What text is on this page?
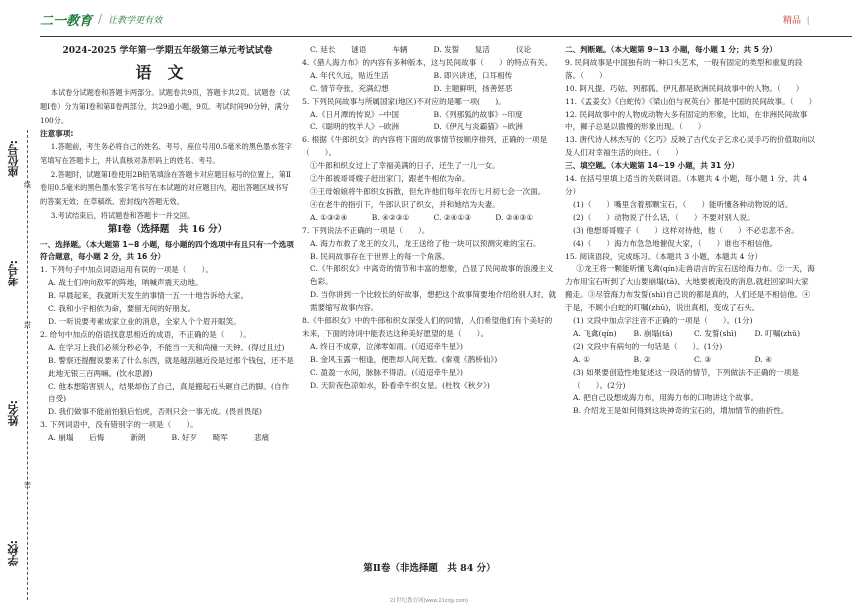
二一教育 / 让教学更有效	精品 |
座位号:
线
考号:
封
姓名:
密
学校:

2024-2025 学年第一学期五年级第三单元考试试卷

语文

本试卷分试题卷和答题卡两部分。试题卷共9页，答题卡共2页。试题卷（试题Ⅰ卷）分为第Ⅰ卷和第Ⅱ卷两部分，共29道小题，9页。考试时间90分钟，满分100分。

注意事项:

1.答题前，考生务必将自己的姓名、考号、座位号用0.5毫米的黑色墨水签字笔填写在答题卡上，并认真核对条形码上的姓名、考号。

2.答题时，试题第Ⅰ卷使用2B铅笔填涂在答题卡对应题目标号的位置上，第Ⅱ卷用0.5毫米的黑色墨水签字笔书写在本试题的对应题目内，超出答题区域书写的答案无效；在草稿纸、密封线内答题无效。

3.考试结束后，将试题卷和答题卡一并交回。

第Ⅰ卷（选择题　共 16 分）

一、选择题。（本大题第 1~8 小题，每小题的四个选项中有且只有一个选项符合题意，每小题 2 分，共 16 分）

1. 下列句子中加点词语运用有误的一项是（　　）。

A. 战士们冲向敌军的阵地，呐喊声震天动地。

B. 早晨起来，我就昕天发生的事情一五一十地告诉给大家。

C. 我和小宇相依为命，要留无间的好朋友。

D. 一听说要考素成家立业的消息，全家人个个眉开眼笑。

2. 给句中加点的俗语找意思相近的成语，不正确的是（　　）。

A. 在学习上我们必须分秒必争，不能当一天和尚撞一天钟。(得过且过)

B. 警察还提醒说要来了什么东西，就是越刮越近没是过那个钱包，还不是此地无银三百两嘛。(饮水思源)

C. 他本想陷害别人，结果却伤了自己，真是搬起石头砸自己的脚。(自作自受)

D. 我们做事不能前怕狼后怕虎，否则只会一事无成。(畏首畏尾)

3. 下列词语中，没有错别字的一项是（　　）。

A. 崩塌	后悔	新朗	B. 好歹	畸军	悲痛

C. 延长	谜语	车辆	D. 发誓	复活	仪论

4.《猎人海力布》的内容有多种版本，这与民间故事（　　）的特点有关。

A. 年代久远，贴近生活	B. 即兴讲述，口耳相传

C. 情节夸张，充满幻想	D. 主题鲜明，扬善惩恶

5. 下列民间故事与所属国家(地区)不对应的是哪一项(　　)。

A.《日月潭的传说》--中国	B.《列那狐的故事》--印度

C.《聪明的牧羊人》--欧洲	D.《伊凡与炎霸猫》--欧洲

6. 根据《牛郎织女》的内容将下面的故事情节按顺序排列，正确的一项是（　　）。

①牛郎和织女过上了幸福美满的日子，还生了一儿一女。

②牛郎被哥哥嫂子赶出家门，跟老牛相依为命。

③王母娘娘将牛郎织女拆散，但允许他们每年农历七月初七会一次面。

④在老牛的指引下，牛郎认识了织女，并和她结为夫妻。

A. ①③②④	B. ④②③①	C. ②④①③	D. ②④③①

7. 下列说法不正确的一项是（　　）。

A. 海力布救了龙王的女儿，龙王送给了他一块可以预测灾难的宝石。

B. 民间故事存在于世界上的每一个角落。

C.《牛郎织女》中离奇的情节和丰富的想象，凸显了民间故事的浪漫主义色彩。

D. 当你讲到一个比较长的好故事，想把这个故事简要地介绍给别人时，就需要缩写故事内容。

8.《牛郎织女》中的牛郎和织女深受人们的同情，人们希望他们有个美好的未来，下面的诗词中能表达这种美好愿望的是（　　）。

A. 终日不成章，泣涕零如雨。(《迢迢牵牛星》)

B. 金风玉露一相逢，便胜却人间无数。(秦观《鹊桥仙》)

C. 盈盈一水间，脉脉不得语。(《迢迢牵牛星》)

D. 天阶夜色凉如水，卧看牵牛织女星。(杜牧《秋夕》)

第Ⅱ卷（非选择题　共 84 分）

二、判断题。（本大题第 9~13 小题，每小题 1 分；共 5 分）

9. 民间故事是中国独有的一种口头艺术，一般有固定的类型和重复的段落。（　　）

10. 阿凡提、巧姑、列那狐、伊凡都是欧洲民间故事中的人物。（　　）

11.《孟姜女》《白蛇传》《梁山伯与祝英台》都是中国的民间故事。（　　）

12. 民间故事中的人物成动物大多有固定的形象，比如，在非洲民间故事中，狮子总是以傲慢的形象出现。（　　）

13. 唐代诗人林杰写的《乞巧》反映了古代女子乞求心灵手巧的价值取向以及人们对幸福生活的向往。（　　）

三、填空题。（本大题第 14~19 小题，共 31 分）

14. 在括号里填上适当的关联词语。（本题共 4 小题，每小题 1 分，共 4 分）

(1)（　　）嘴里含着那颗宝石，（　　）能听懂各种动物说的话。

(2)（　　）动物说了什么话，（　　）不要对别人说。

(3) 他想哥哥嫂子（　　）这样对待他，他（　　）不必忠悲不舍。

(4)（　　）海力布急急地催促大家，（　　）谁也不相信他。

15. 阅读语段，完成练习。（本题共 3 小题，本题共 4 分）

①龙王将一颗能听懂飞禽(qín)走兽语言的宝石送给海力布。②一天，海力布用宝石听到了大山要崩塌(tā)、大地要被淹没的消息,就赶回家叫大家搬走。③尽管海力布发誓(shì)自己说的都是真的，人们还是不相信他。④于是，不顾小白蛇的叮嘱(zhǔ)，说出真相，变成了石头。

(1) 文段中加点字注音不正确的一项是（　　）。(1分)

A. 飞禽(qín)	B. 崩塌(tā)	C. 发誓(shì)	D. 叮嘱(zhǔ)

(2) 文段中有病句的一句话是（　　）。(1分)

A. ①	B. ②	C. ③	D. ④

(3) 如果要创造性地复述这一段话的情节，下列做法不正确的一项是（　　）。(2分)

A. 把自己设想成海力布，用海力布的口吻讲这个故事。

B. 介绍龙王是如何得到这块神奇的宝石的，增加情节的曲折性。

21世纪教育网(www.21cnjy.com)
